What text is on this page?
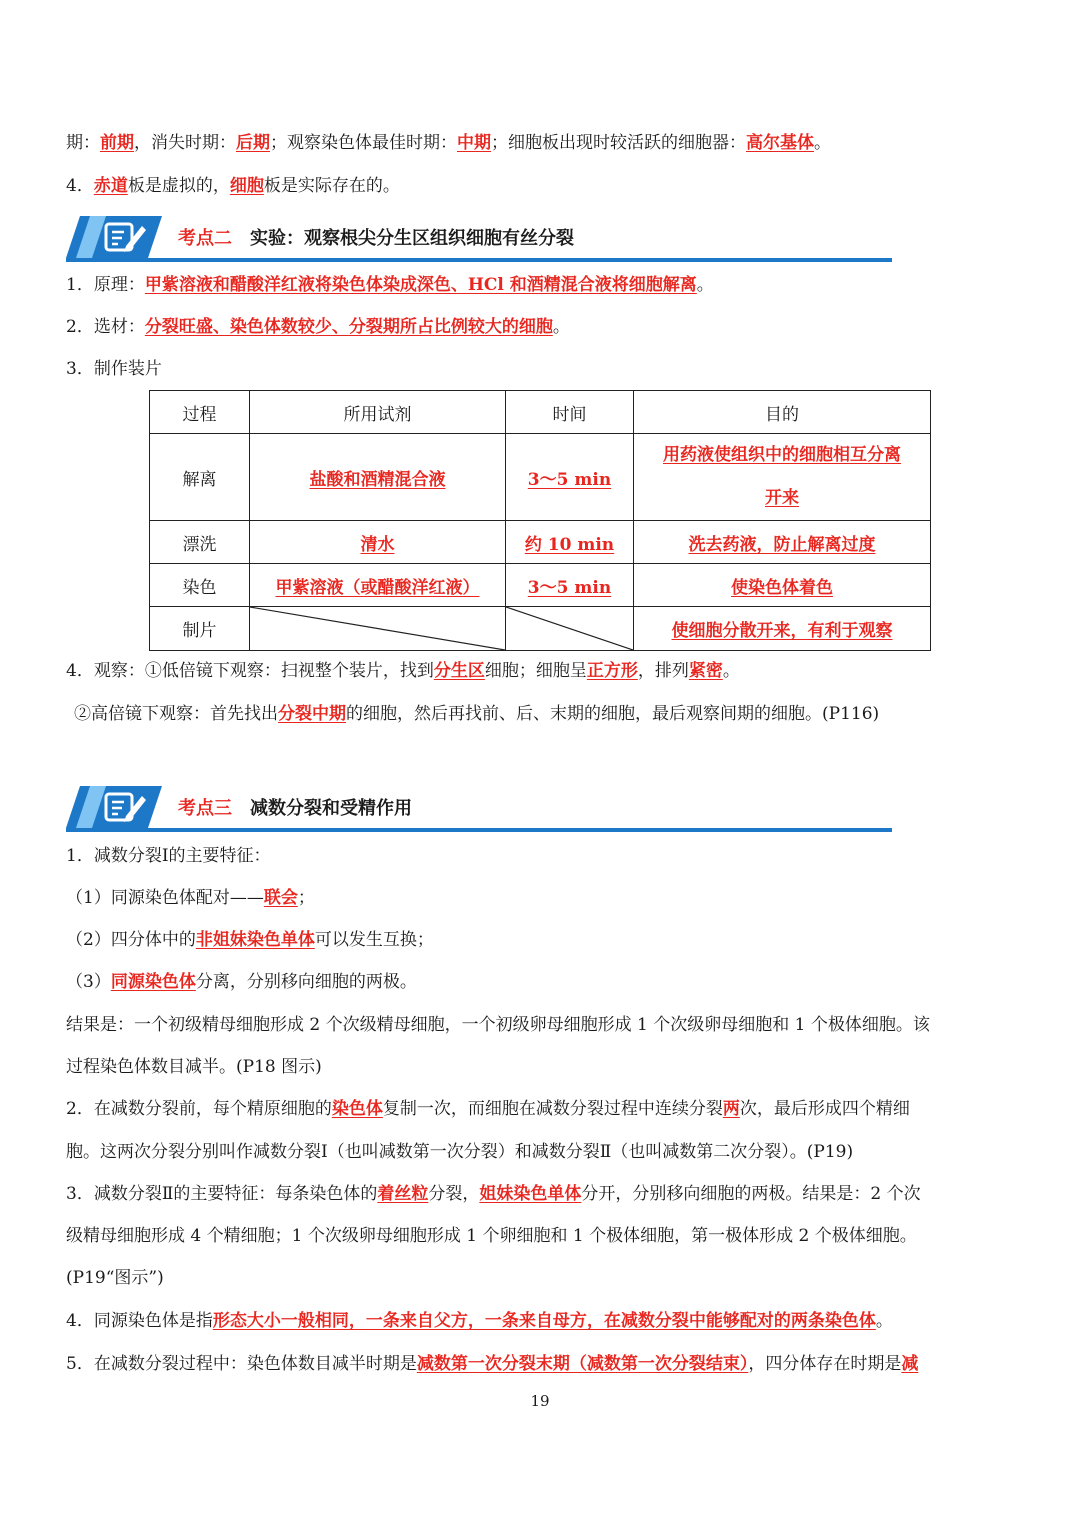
期：前期，消失时期：后期；观察染色体最佳时期：中期；细胞板出现时较活跃的细胞器：高尔基体。
4．赤道板是虚拟的，细胞板是实际存在的。
考点二 实验：观察根尖分生区组织细胞有丝分裂
1．原理：甲紫溶液和醋酸洋红液将染色体染成深色、HCl 和酒精混合液将细胞解离。
2．选材：分裂旺盛、染色体数较少、分裂期所占比例较大的细胞。
3．制作装片
过程	所用试剂	时间	目的
解离	盐酸和酒精混合液	3～5 min	用药液使组织中的细胞相互分离
开来
漂洗	清水	约 10 min	洗去药液，防止解离过度
染色	甲紫溶液（或醋酸洋红液）	3～5 min	使染色体着色
制片			使细胞分散开来，有利于观察
4．观察：①低倍镜下观察：扫视整个装片，找到分生区细胞；细胞呈正方形，排列紧密。
②高倍镜下观察：首先找出分裂中期的细胞，然后再找前、后、末期的细胞，最后观察间期的细胞。(P116)
考点三 减数分裂和受精作用
1．减数分裂Ⅰ的主要特征：
（1）同源染色体配对——联会；
（2）四分体中的非姐妹染色单体可以发生互换；
（3）同源染色体分离，分别移向细胞的两极。
结果是：一个初级精母细胞形成 2 个次级精母细胞，一个初级卵母细胞形成 1 个次级卵母细胞和 1 个极体细胞。该
过程染色体数目减半。(P18 图示)
2．在减数分裂前，每个精原细胞的染色体复制一次，而细胞在减数分裂过程中连续分裂两次，最后形成四个精细
胞。这两次分裂分别叫作减数分裂Ⅰ（也叫减数第一次分裂）和减数分裂Ⅱ（也叫减数第二次分裂）。(P19)
3．减数分裂Ⅱ的主要特征：每条染色体的着丝粒分裂，姐妹染色单体分开，分别移向细胞的两极。结果是：2 个次
级精母细胞形成 4 个精细胞；1 个次级卵母细胞形成 1 个卵细胞和 1 个极体细胞，第一极体形成 2 个极体细胞。
(P19“图示”)
4．同源染色体是指形态大小一般相同，一条来自父方，一条来自母方，在减数分裂中能够配对的两条染色体。
5．在减数分裂过程中：染色体数目减半时期是减数第一次分裂末期（减数第一次分裂结束），四分体存在时期是减
19
